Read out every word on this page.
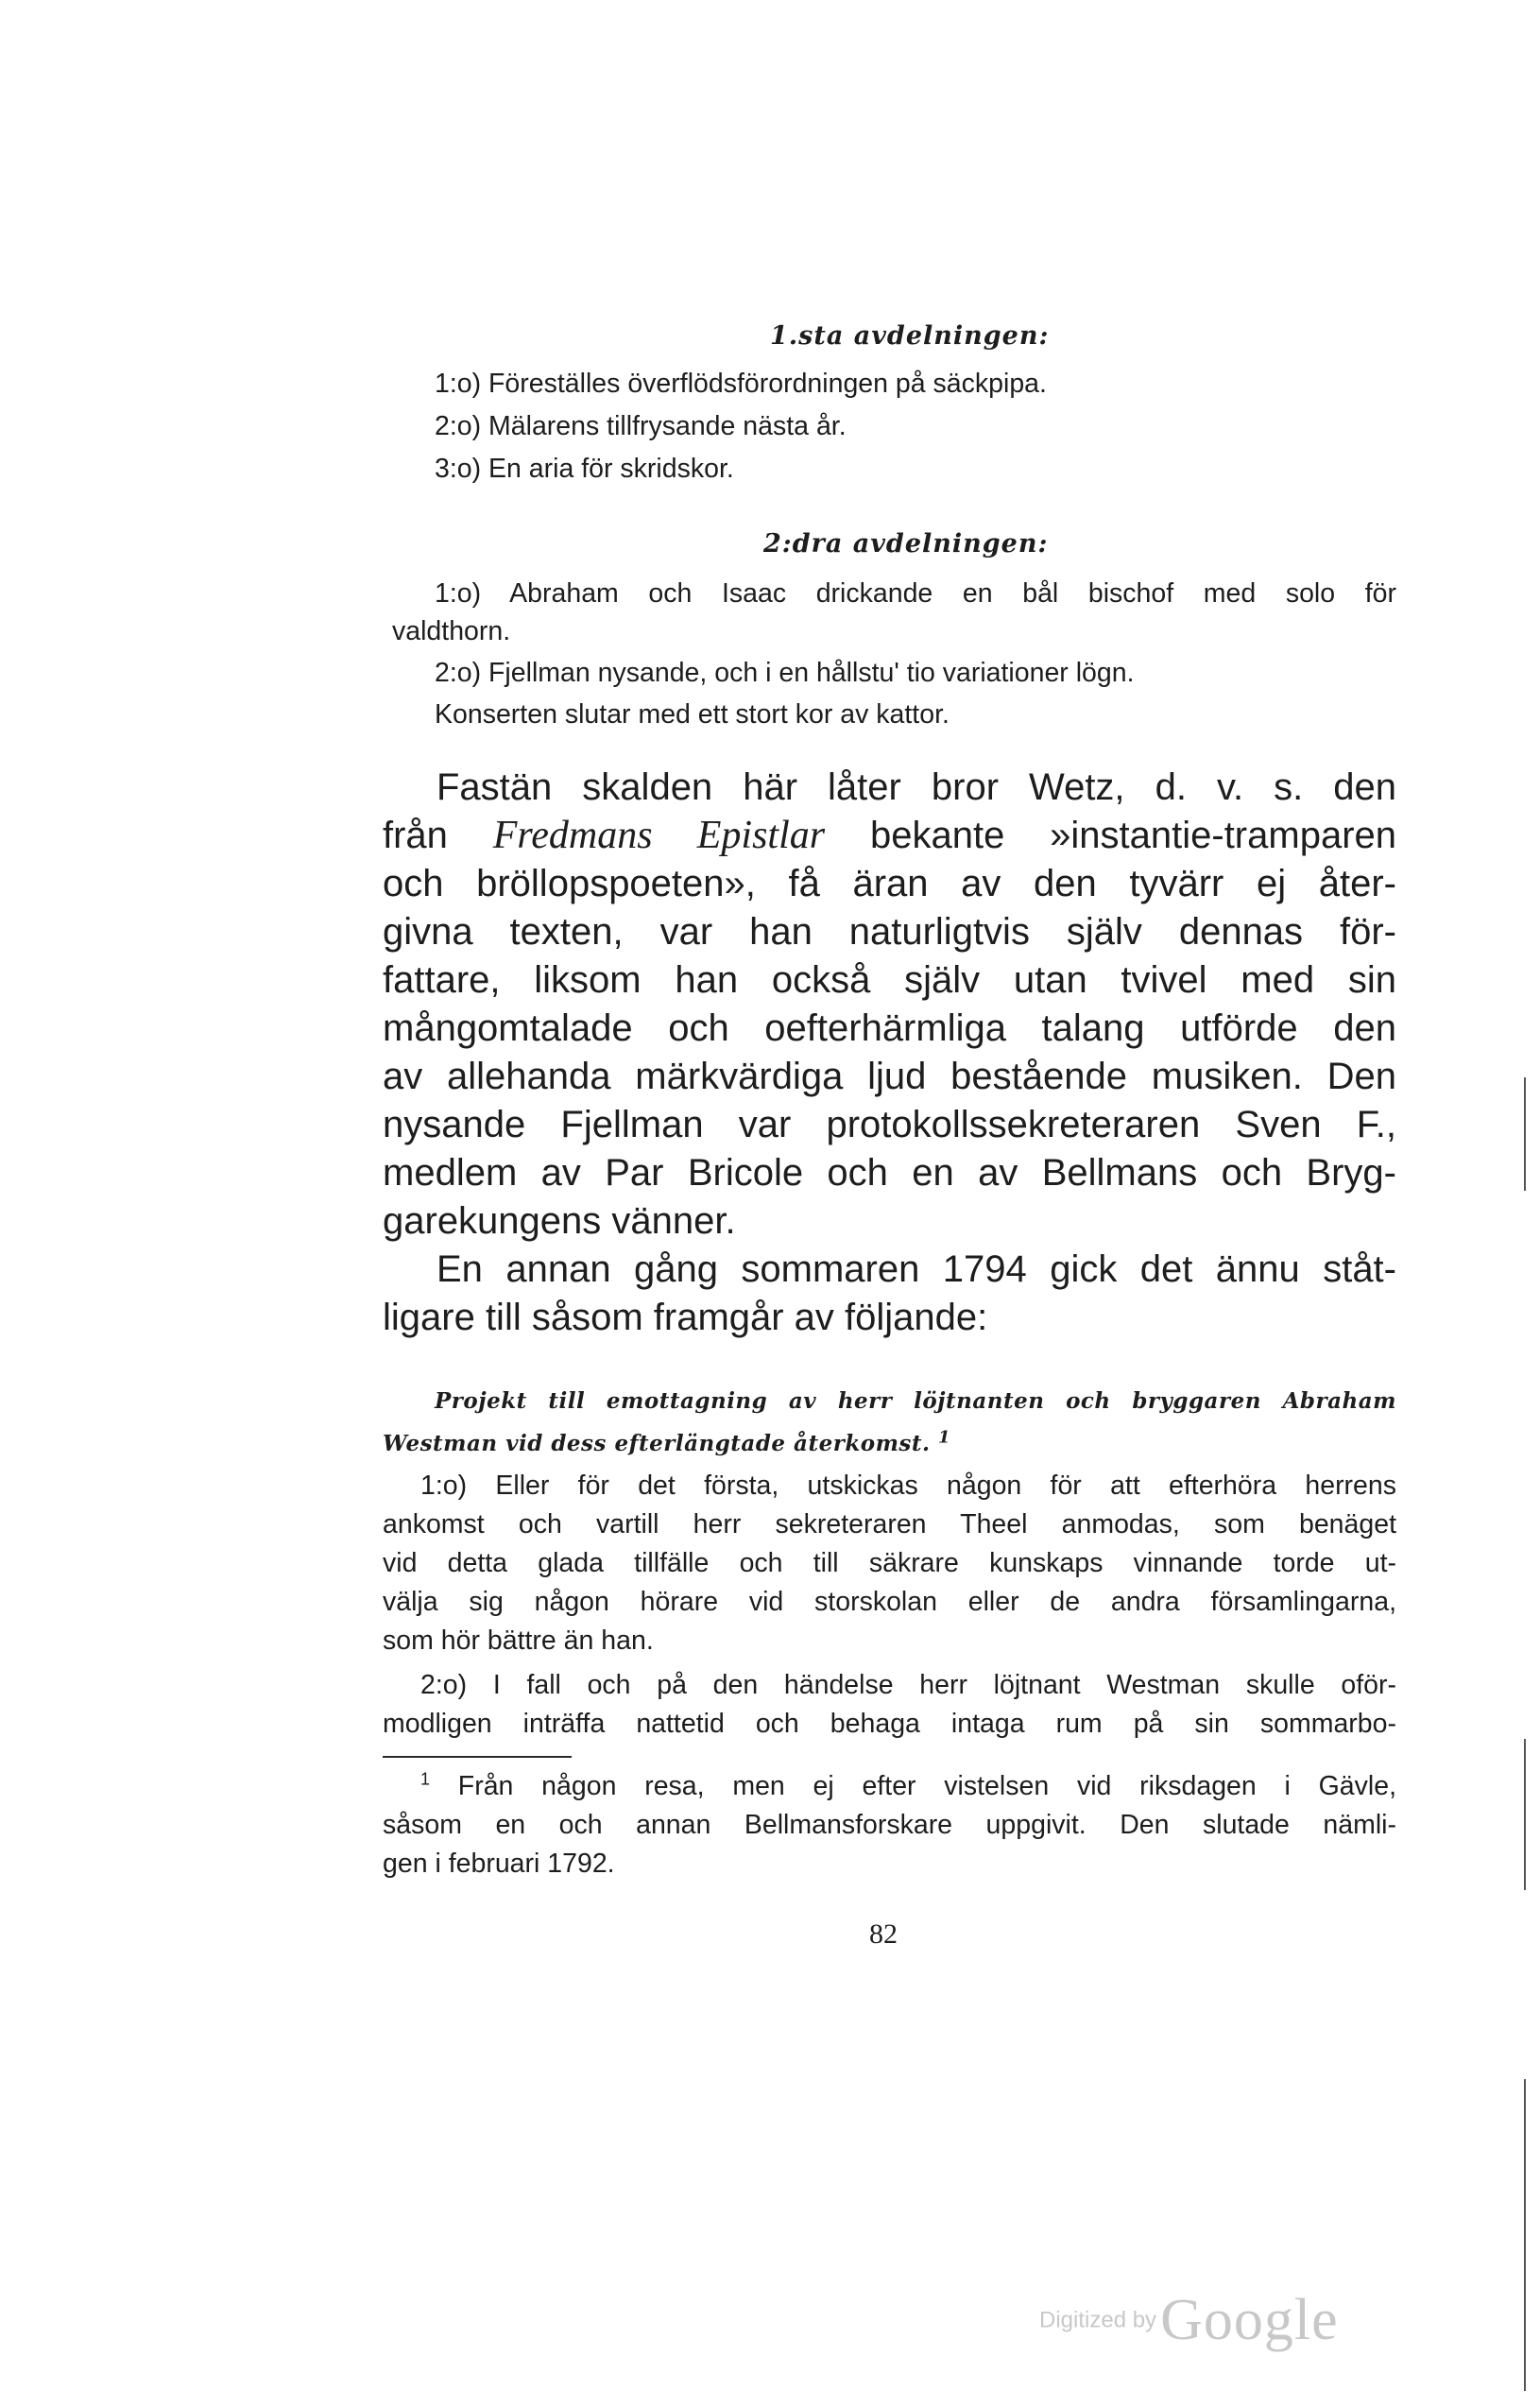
1.sta avdelningen:
1:o) Föreställes överflödsförordningen på säckpipa.
2:o) Mälarens tillfrysande nästa år.
3:o) En aria för skridskor.
2:dra avdelningen:
1:o) Abraham och Isaac drickande en bål bischof med solo för
valdthorn.
2:o) Fjellman nysande, och i en hållstu' tio variationer lögn.
Konserten slutar med ett stort kor av kattor.
Fastän skalden här låter bror Wetz, d. v. s. den
från Fredmans Epistlar bekante »instantie-tramparen
och bröllopspoeten», få äran av den tyvärr ej åter-
givna texten, var han naturligtvis själv dennas för-
fattare, liksom han också själv utan tvivel med sin
mångomtalade och oefterhärmliga talang utförde den
av allehanda märkvärdiga ljud bestående musiken. Den
nysande Fjellman var protokollssekreteraren Sven F.,
medlem av Par Bricole och en av Bellmans och Bryg-
garekungens vänner.
En annan gång sommaren 1794 gick det ännu ståt-
ligare till såsom framgår av följande:
Projekt till emottagning av herr löjtnanten och bryggaren Abraham
Westman vid dess efterlängtade återkomst. $^1$
1:o) Eller för det första, utskickas någon för att efterhöra herrens
ankomst och vartill herr sekreteraren Theel anmodas, som benäget
vid detta glada tillfälle och till säkrare kunskaps vinnande torde ut-
välja sig någon hörare vid storskolan eller de andra församlingarna,
som hör bättre än han.
2:o) I fall och på den händelse herr löjtnant Westman skulle oför-
modligen inträffa nattetid och behaga intaga rum på sin sommarbo-
$^1$ Från någon resa, men ej efter vistelsen vid riksdagen i Gävle,
såsom en och annan Bellmansforskare uppgivit. Den slutade nämli-
gen i februari 1792.
82
Digitized by Google
